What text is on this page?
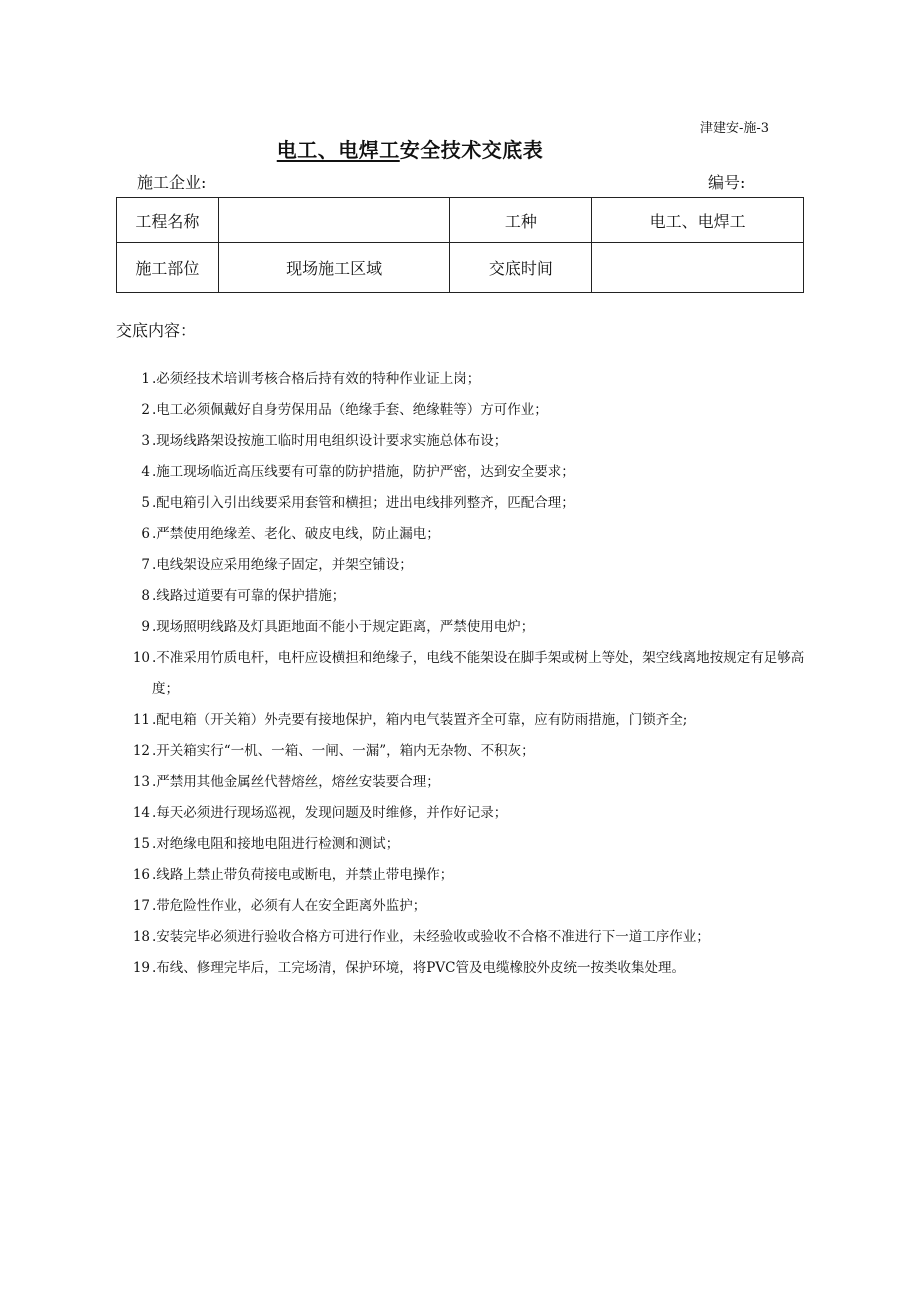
津建安-施-3
电工、电焊工安全技术交底表
施工企业:	编号:
工程名称		工种	电工、电焊工
施工部位	现场施工区域	交底时间	
交底内容：
1 .必须经技术培训考核合格后持有效的特种作业证上岗；
2 .电工必须佩戴好自身劳保用品（绝缘手套、绝缘鞋等）方可作业；
3 .现场线路架设按施工临时用电组织设计要求实施总体布设；
4 .施工现场临近高压线要有可靠的防护措施，防护严密，达到安全要求；
5 .配电箱引入引出线要采用套管和横担；进出电线排列整齐，匹配合理；
6 .严禁使用绝缘差、老化、破皮电线，防止漏电；
7 .电线架设应采用绝缘子固定，并架空铺设；
8 .线路过道要有可靠的保护措施；
9 .现场照明线路及灯具距地面不能小于规定距离，严禁使用电炉；
10 .不准采用竹质电杆，电杆应设横担和绝缘子，电线不能架设在脚手架或树上等处，架空线离地按规定有足够高度；
11 .配电箱（开关箱）外壳要有接地保护，箱内电气装置齐全可靠，应有防雨措施，门锁齐全;
12 .开关箱实行“一机、一箱、一闸、一漏”，箱内无杂物、不积灰；
13 .严禁用其他金属丝代替熔丝，熔丝安装要合理；
14 .每天必须进行现场巡视，发现问题及时维修，并作好记录；
15 .对绝缘电阻和接地电阻进行检测和测试；
16 .线路上禁止带负荷接电或断电，并禁止带电操作；
17 .带危险性作业，必须有人在安全距离外监护；
18 .安装完毕必须进行验收合格方可进行作业，未经验收或验收不合格不准进行下一道工序作业；
19 .布线、修理完毕后，工完场清，保护环境，将PVC管及电缆橡胶外皮统一按类收集处理。
